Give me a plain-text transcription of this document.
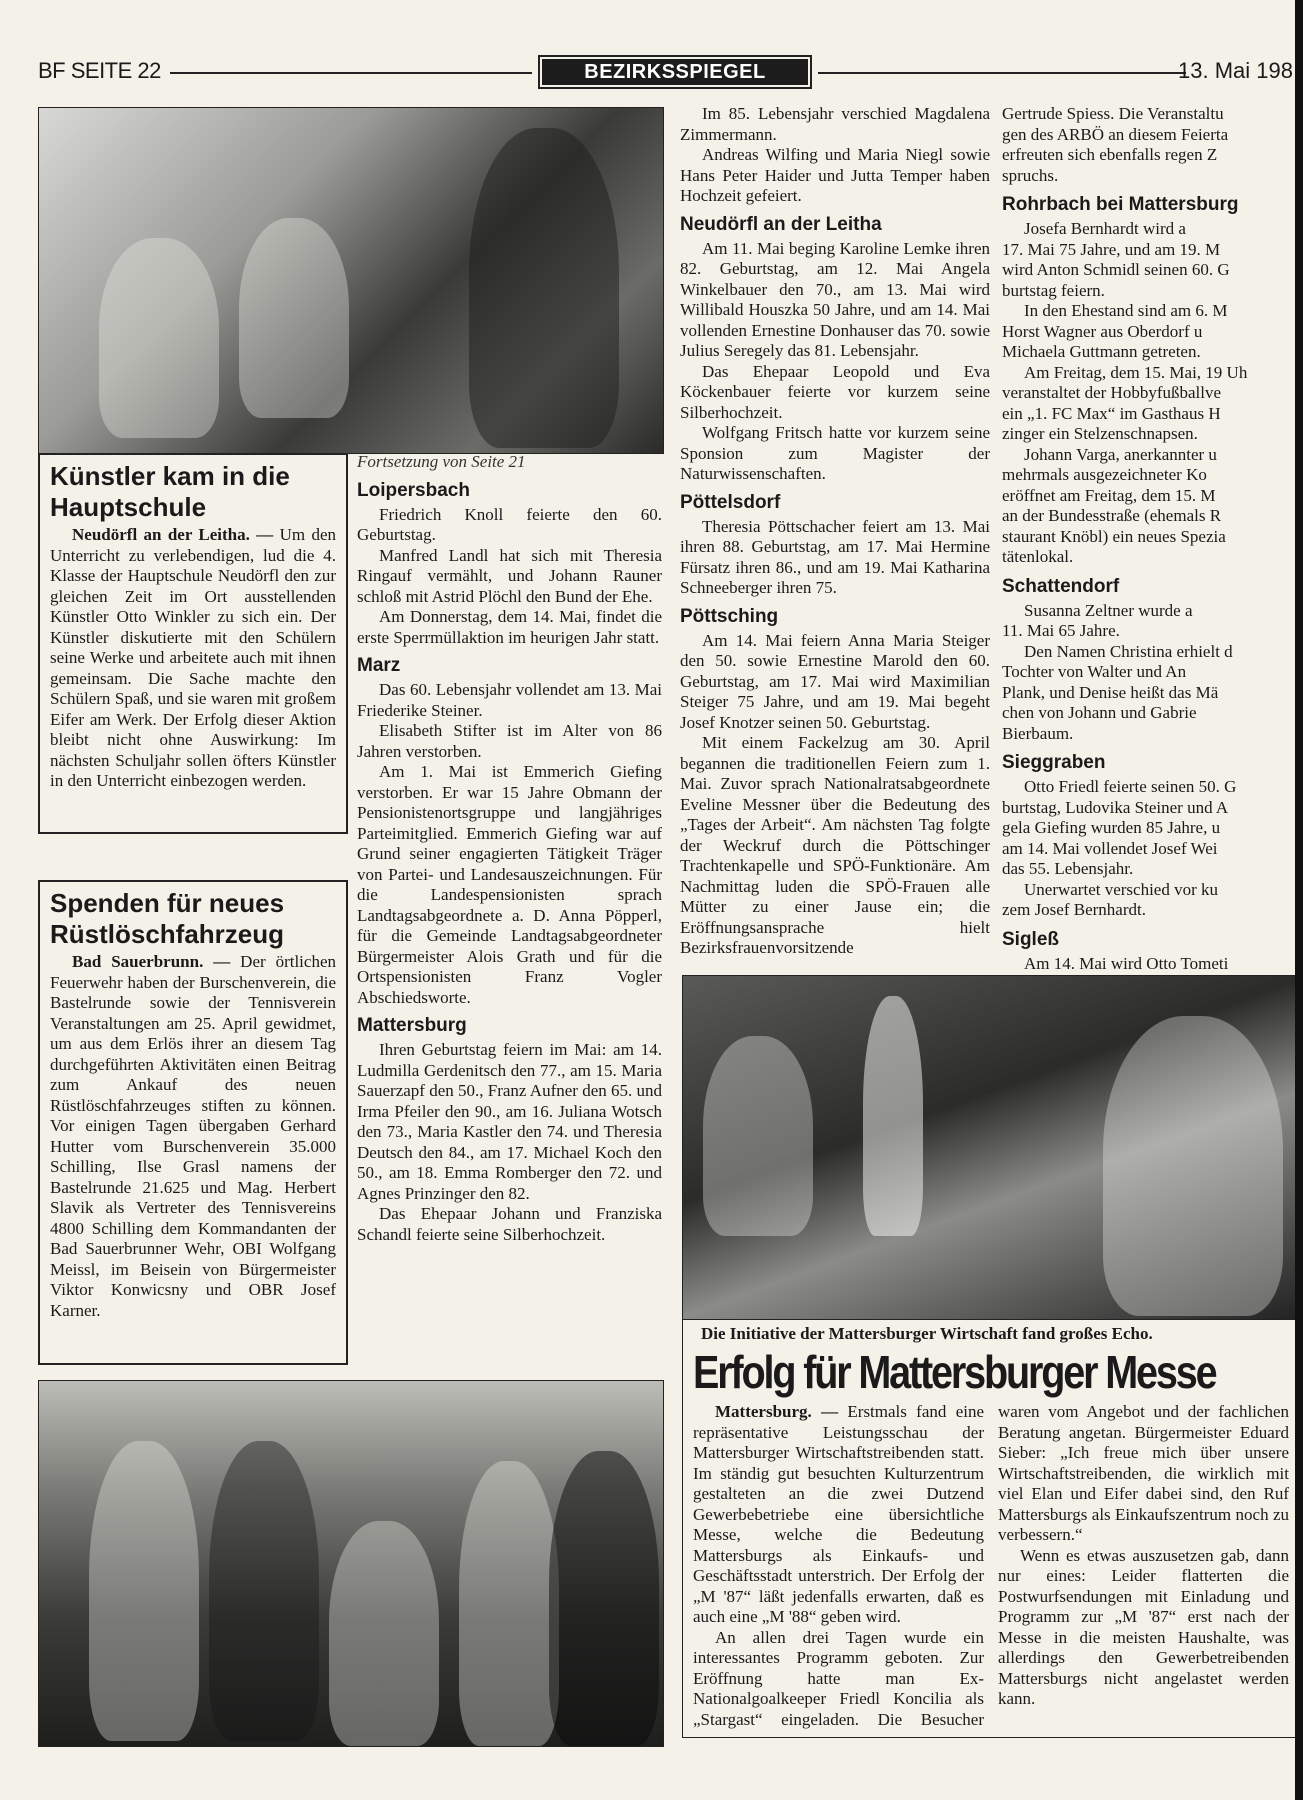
BF SEITE 22	BEZIRKSSPIEGEL	13. Mai 198
Künstler kam in die Hauptschule

Neudörfl an der Leitha. — Um den Unterricht zu verlebendigen, lud die 4. Klasse der Hauptschule Neudörfl den zur gleichen Zeit im Ort ausstellenden Künstler Otto Winkler zu sich ein. Der Künstler diskutierte mit den Schülern seine Werke und arbeitete auch mit ihnen gemeinsam. Die Sache machte den Schülern Spaß, und sie waren mit großem Eifer am Werk. Der Erfolg dieser Aktion bleibt nicht ohne Auswirkung: Im nächsten Schuljahr sollen öfters Künstler in den Unterricht einbezogen werden.

Spenden für neues Rüstlöschfahrzeug

Bad Sauerbrunn. — Der örtlichen Feuerwehr haben der Burschenverein, die Bastelrunde sowie der Tennisverein Veranstaltungen am 25. April gewidmet, um aus dem Erlös ihrer an diesem Tag durchgeführten Aktivitäten einen Beitrag zum Ankauf des neuen Rüstlöschfahrzeuges stiften zu können. Vor einigen Tagen übergaben Gerhard Hutter vom Burschenverein 35.000 Schilling, Ilse Grasl namens der Bastelrunde 21.625 und Mag. Herbert Slavik als Vertreter des Tennisvereins 4800 Schilling dem Kommandanten der Bad Sauerbrunner Wehr, OBI Wolfgang Meissl, im Beisein von Bürgermeister Viktor Konwicsny und OBR Josef Karner.

Fortsetzung von Seite 21

Loipersbach

Friedrich Knoll feierte den 60. Geburtstag.

Manfred Landl hat sich mit Theresia Ringauf vermählt, und Johann Rauner schloß mit Astrid Plöchl den Bund der Ehe.

Am Donnerstag, dem 14. Mai, findet die erste Sperrmüllaktion im heurigen Jahr statt.

Marz

Das 60. Lebensjahr vollendet am 13. Mai Friederike Steiner.

Elisabeth Stifter ist im Alter von 86 Jahren verstorben.

Am 1. Mai ist Emmerich Giefing verstorben. Er war 15 Jahre Obmann der Pensionistenortsgruppe und langjähriges Parteimitglied. Emmerich Giefing war auf Grund seiner engagierten Tätigkeit Träger von Partei- und Landesauszeichnungen. Für die Landespensionisten sprach Landtagsabgeordnete a. D. Anna Pöpperl, für die Gemeinde Landtagsabgeordneter Bürgermeister Alois Grath und für die Ortspensionisten Franz Vogler Abschiedsworte.

Mattersburg

Ihren Geburtstag feiern im Mai: am 14. Ludmilla Gerdenitsch den 77., am 15. Maria Sauerzapf den 50., Franz Aufner den 65. und Irma Pfeiler den 90., am 16. Juliana Wotsch den 73., Maria Kastler den 74. und Theresia Deutsch den 84., am 17. Michael Koch den 50., am 18. Emma Romberger den 72. und Agnes Prinzinger den 82.

Das Ehepaar Johann und Franziska Schandl feierte seine Silberhochzeit.

Im 85. Lebensjahr verschied Magdalena Zimmermann.

Andreas Wilfing und Maria Niegl sowie Hans Peter Haider und Jutta Temper haben Hochzeit gefeiert.

Neudörfl an der Leitha

Am 11. Mai beging Karoline Lemke ihren 82. Geburtstag, am 12. Mai Angela Winkelbauer den 70., am 13. Mai wird Willibald Houszka 50 Jahre, und am 14. Mai vollenden Ernestine Donhauser das 70. sowie Julius Seregely das 81. Lebensjahr.

Das Ehepaar Leopold und Eva Köckenbauer feierte vor kurzem seine Silberhochzeit.

Wolfgang Fritsch hatte vor kurzem seine Sponsion zum Magister der Naturwissenschaften.

Pöttelsdorf

Theresia Pöttschacher feiert am 13. Mai ihren 88. Geburtstag, am 17. Mai Hermine Fürsatz ihren 86., und am 19. Mai Katharina Schneeberger ihren 75.

Pöttsching

Am 14. Mai feiern Anna Maria Steiger den 50. sowie Ernestine Marold den 60. Geburtstag, am 17. Mai wird Maximilian Steiger 75 Jahre, und am 19. Mai begeht Josef Knotzer seinen 50. Geburtstag.

Mit einem Fackelzug am 30. April begannen die traditionellen Feiern zum 1. Mai. Zuvor sprach Nationalratsabgeordnete Eveline Messner über die Bedeutung des „Tages der Arbeit“. Am nächsten Tag folgte der Weckruf durch die Pöttschinger Trachtenkapelle und SPÖ-Funktionäre. Am Nachmittag luden die SPÖ-Frauen alle Mütter zu einer Jause ein; die Eröffnungsansprache hielt Bezirksfrauenvorsitzende

Gertrude Spiess. Die Veranstaltu
gen des ARBÖ an diesem Feierta
erfreuten sich ebenfalls regen Z
spruchs.
Rohrbach bei Mattersburg
Josefa Bernhardt wird a
17. Mai 75 Jahre, und am 19. M
wird Anton Schmidl seinen 60. G
burtstag feiern.
In den Ehestand sind am 6. M
Horst Wagner aus Oberdorf u
Michaela Guttmann getreten.
Am Freitag, dem 15. Mai, 19 Uh
veranstaltet der Hobbyfußballve
ein „1. FC Max“ im Gasthaus H
zinger ein Stelzenschnapsen.
Johann Varga, anerkannter u
mehrmals ausgezeichneter Ko
eröffnet am Freitag, dem 15. M
an der Bundesstraße (ehemals R
staurant Knöbl) ein neues Spezia
tätenlokal.
Schattendorf
Susanna Zeltner wurde a
11. Mai 65 Jahre.
Den Namen Christina erhielt d
Tochter von Walter und An
Plank, und Denise heißt das Mä
chen von Johann und Gabrie
Bierbaum.
Sieggraben
Otto Friedl feierte seinen 50. G
burtstag, Ludovika Steiner und A
gela Giefing wurden 85 Jahre, u
am 14. Mai vollendet Josef Wei
das 55. Lebensjahr.
Unerwartet verschied vor ku
zem Josef Bernhardt.
Sigleß
Am 14. Mai wird Otto Tometi
Die Initiative der Mattersburger Wirtschaft fand großes Echo.
Erfolg für Mattersburger Messe

Mattersburg. — Erstmals fand eine repräsentative Leistungsschau der Mattersburger Wirtschaftstreibenden statt. Im ständig gut besuchten Kulturzentrum gestalteten an die zwei Dutzend Gewerbebetriebe eine übersichtliche Messe, welche die Bedeutung Mattersburgs als Einkaufs- und Geschäftsstadt unterstrich. Der Erfolg der „M '87“ läßt jedenfalls erwarten, daß es auch eine „M '88“ geben wird.

An allen drei Tagen wurde ein interessantes Programm geboten. Zur Eröffnung hatte man Ex-Nationalgoalkeeper Friedl Koncilia als „Stargast“ eingeladen. Die Besucher waren vom Angebot und der fachlichen Beratung angetan. Bürgermeister Eduard Sieber: „Ich freue mich über unsere Wirtschaftstreibenden, die wirklich mit viel Elan und Eifer dabei sind, den Ruf Mattersburgs als Einkaufszentrum noch zu verbessern.“

Wenn es etwas auszusetzen gab, dann nur eines: Leider flatterten die Postwurfsendungen mit Einladung und Programm zur „M '87“ erst nach der Messe in die meisten Haushalte, was allerdings den Gewerbetreibenden Mattersburgs nicht angelastet werden kann.
